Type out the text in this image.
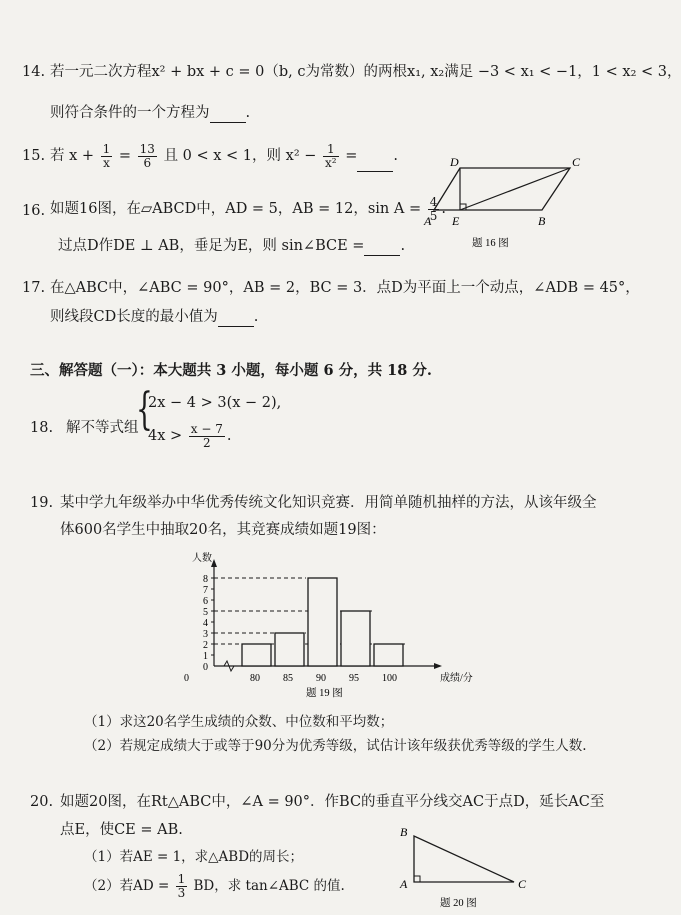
14. 若一元二次方程x² + bx + c = 0（b, c为常数）的两根x₁, x₂满足 −3 < x₁ < −1，1 < x₂ < 3，
则符合条件的一个方程为 .
15. 若 $x + \frac{1}{x} = \frac{13}{6}$ 且 0 < x < 1，则 $x^2 - \frac{1}{\text{x²}}$ = .
16. 如题16图，在▱ABCD中，AD = 5，AB = 12，$\sin A = \frac{4}{5}$ .
过点D作DE ⊥ AB，垂足为E，则 sin∠BCE = .
A E	B
D	C
题 16 图
17. 在△ABC中，∠ABC = 90°，AB = 2，BC = 3．点D为平面上一个动点，∠ADB = 45°，
则线段CD长度的最小值为 .
三、解答题（一）：本大题共 3 小题，每小题 6 分，共 18 分.
18. 解不等式组
{
2x − 4 > 3(x − 2),
$4x > \frac{x - 7}{2}$ .
19. 某中学九年级举办中华优秀传统文化知识竞赛．用简单随机抽样的方法，从该年级全
体600名学生中抽取20名，其竞赛成绩如题19图：
0
1
2
3
4
5
6
7
8
人数
80 85 90 95 100
0	成绩/分
题 19 图
（1）求这20名学生成绩的众数、中位数和平均数；
（2）若规定成绩大于或等于90分为优秀等级，试估计该年级获优秀等级的学生人数.
20. 如题20图，在Rt△ABC中，∠A = 90°．作BC的垂直平分线交AC于点D，延长AC至
点E，使CE = AB.
（1）若AE = 1，求△ABD的周长；
（2）若AD = $\frac{1}{3}$ BD，求 tan∠ABC 的值.
B
A	C
题 20 图
